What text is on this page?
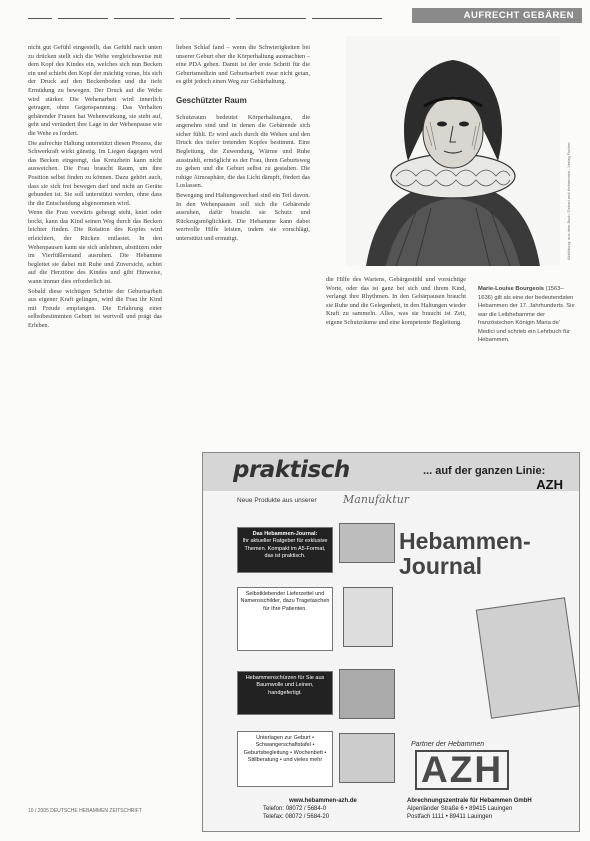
AUFRECHT GEBÄREN

nicht gut Gefühl eingestellt, das Gefühl nach unten zu drücken stellt sich die Wehe vergleichsweise mit dem Kopf des Kindes ein, welches sich nun Becken ein und schiebt den Kopf der mächtig voran, bis sich der Druck auf den Beckenboden und die tiefe Ermüdung zu bewegen. Der Druck auf die Wehe wird stärker. Die Wehenarbeit wird innerlich getragen, ohne Gegenspannung. Das Verhalten gebärender Frauen hat Wehenwirkung, sie steht auf, geht und verändert ihre Lage in der Wehenpause wie die Wehe es fordert.

Die aufrechte Haltung unterstützt diesen Prozess, die Schwerkraft wirkt günstig. Im Liegen dagegen wird das Becken eingeengt, das Kreuzbein kann nicht ausweichen. Die Frau braucht Raum, um ihre Position selbst finden zu können. Dazu gehört auch, dass sie sich frei bewegen darf und nicht an Geräte gebunden ist. Sie soll unterstützt werden, ohne dass ihr die Entscheidung abgenommen wird.

Wenn die Frau vorwärts gebeugt steht, kniet oder hockt, kann das Kind seinen Weg durch das Becken leichter finden. Die Rotation des Kopfes wird erleichtert, der Rücken entlastet. In den Wehenpausen kann sie sich anlehnen, abstützen oder im Vierfüßlerstand ausruhen. Die Hebamme begleitet sie dabei mit Ruhe und Zuversicht, achtet auf die Herztöne des Kindes und gibt Hinweise, wann immer dies erforderlich ist.

Sobald diese wichtigen Schritte der Geburtsarbeit aus eigener Kraft gelingen, wird die Frau ihr Kind mit Freude empfangen. Die Erfahrung einer selbstbestimmten Geburt ist wertvoll und prägt das Erleben.

lieben Schlaf fand – wenn die Schwierigkeiten bei unserer Geburt eher die Körperhaltung ausmachten – eine PDA geben. Damit ist der erste Schritt für die Geburtsmedizin und Geburtsarbeit zwar nicht getan, es gibt jedoch einen Weg zur Gebärhaltung.

Geschützter Raum

Schutzraum bedeutet Körperhaltungen, die angenehm sind und in denen die Gebärende sich sicher fühlt. Er wird auch durch die Wehen und den Druck des tiefer tretenden Kopfes bestimmt. Eine Begleitung, die Zuwendung, Wärme und Ruhe ausstrahlt, ermöglicht es der Frau, ihren Geburtsweg zu gehen und die Geburt selbst zu gestalten. Die ruhige Atmosphäre, die das Licht dämpft, fördert das Loslassen.

Bewegung und Haltungswechsel sind ein Teil davon. In den Wehenpausen soll sich die Gebärende ausruhen, dafür braucht sie Schutz und Rückzugsmöglichkeit. Die Hebamme kann dabei wertvolle Hilfe leisten, indem sie vorschlägt, unterstützt und ermutigt.	Abbildung: aus dem Buch 'Geburt und Hebammen', Verlag Fischer
Marie-Louise Bourgeois (1563–1636) gilt als eine der bedeutendsten Hebammen der 17. Jahrhunderts. Sie war die Leibhebamme der französischen Königin Maria de' Medici und schrieb ein Lehrbuch für Hebammen.

die Hilfe des Wartens, Gebärgestühl und vorsichtige Worte, oder das ist ganz bei sich und ihrem Kind, verlangt ihre Rhythmen. In den Gebärpausen braucht sie Ruhe und die Gelegenheit, in den Haltungen wieder Kraft zu sammeln. Alles, was sie braucht ist Zeit, eigene Schutzräume und eine kompetente Begleitung.

10 / 2005 DEUTSCHE HEBAMMEN ZEITSCHRIFT
praktisch	... auf der ganzen Linie:
AZH
Neue Produkte aus unserer Manufaktur
Das Hebammen-Journal:
Ihr aktueller Ratgeber für exklusive Themen. Kompakt im A5-Format, das ist praktisch.
Selbstklebender Lieferzettel und Namensschilder, dazu Tragetaschen für Ihre Patienten.
Hebammenschürzen für Sie aus Baumwolle und Leinen, handgefertigt.
Unterlagen zur Geburt • Schwangerschaftstafel • Geburtsbegleitung • Wochenbett • Stillberatung • und vieles mehr
Hebammen-
Journal
Partner der Hebammen
AZH
www.hebammen-azh.de
Telefon: 08072 / 5684-0
Telefax: 08072 / 5684-20
Abrechnungszentrale für Hebammen GmbH
Alpenländer Straße 6 • 89415 Lauingen
Postfach 1111 • 89411 Lauingen
